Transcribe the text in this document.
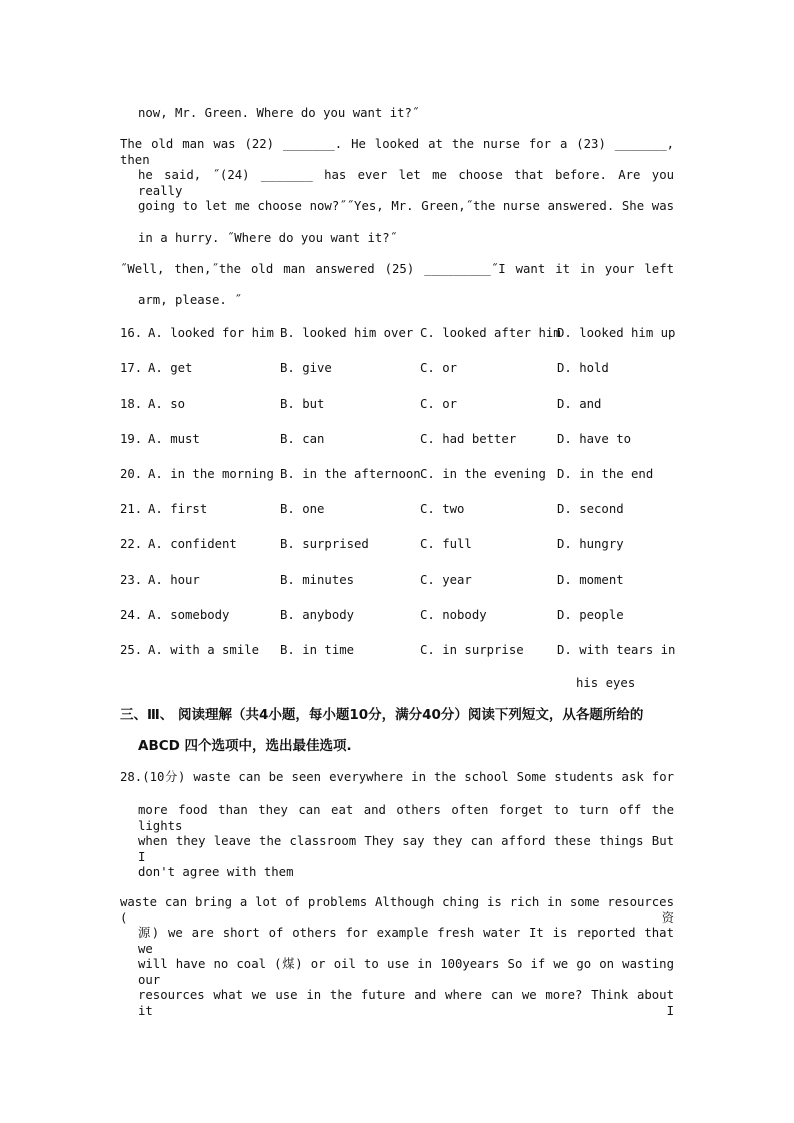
now, Mr. Green. Where do you want it?˝
The old man was (22) _______. He looked at the nurse for a (23) _______, then
he said, ˝(24) _______ has ever let me choose that before. Are you really
going to let me choose now?˝˝Yes, Mr. Green,˝the nurse answered. She was
in a hurry. ˝Where do you want it?˝
˝Well, then,˝the old man answered (25) _________˝I want it in your left
arm, please. ˝
16. A. looked for him B. looked him over C. looked after him
D. looked him up
17. A. get	B. give	C. or	D. hold
18. A. so	B. but	C. or	D. and
19. A. must	B. can	C. had better	D. have to
20. A. in the morning B. in the afternoon C. in the evening D. in the end
21. A. first	B. one	C. two	D. second
22. A. confident	B. surprised	C. full	D. hungry
23. A. hour	B. minutes	C. year	D. moment
24. A. somebody	B. anybody	C. nobody	D. people
25. A. with a smile B. in time	C. in surprise	D. with tears in
his eyes
三、Ⅲ、 阅读理解（共4小题，每小题10分，满分40分）阅读下列短文，从各题所给的
ABCD 四个选项中，选出最佳选项.
28.(10分) waste can be seen everywhere in the school Some students ask for
more food than they can eat and others often forget to turn off the lights
when they leave the classroom They say they can afford these things But I
don't agree with them
waste can bring a lot of problems Although ching is rich in some resources (资
源) we are short of others for example fresh water It is reported that we
will have no coal (煤) or oil to use in 100years So if we go on wasting our
resources what we use in the future and where can we more? Think about it I
